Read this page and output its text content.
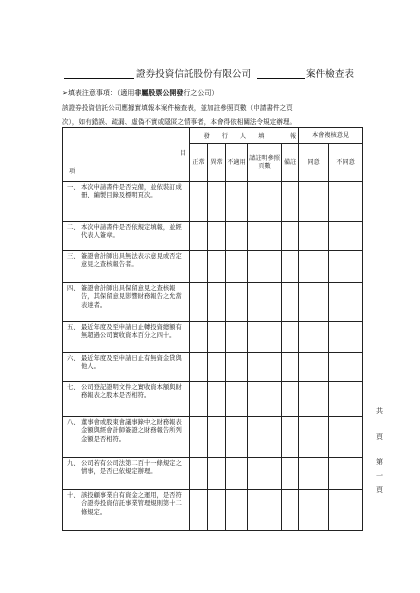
證券投資信託股份有限公司	案件檢查表
➢填表注意事項：（適用非屬股票公開發行之公司）

該證券投資信託公司應據實填報本案件檢查表，並加註參照頁數（申請書件之頁

次），如有錯誤、疏漏、虛偽不實或隱匿之情事者，本會得依相關法令規定辦理。

項
目	發行人填 報					本會複核意見	
	正常	異常	不適用	請註明參照頁數	備註	同意	不同意

一、 本次申請書件是否完備，並依裝訂成冊、編製目錄及標明頁次。							

二、 本次申請書件是否依規定填報，並經代表人簽章。							

三、 簽證會計師出具無法表示意見或否定意見之查核報告者。							

四、 簽證會計師出具保留意見之查核報告，其保留意見影響財務報告之允當表達者。							

五、 最近年度及至申請日止轉投資總額有無超過公司實收資本百分之四十。							

六、 最近年度及至申請日止有無資金貸與他人。							

七、 公司登記證明文件之實收資本額與財務報表之股本是否相符。							

八、 董事會或股東會議事錄中之財務報表金額與經會計師簽證之財務報告所列金額是否相符。							

九、 公司若有公司法第二百十一條規定之情事，是否已依規定辦理。							

十、 該投顧事業自有資金之運用，是否符合證券投資信託事業管理規則第十二條規定。							

共
頁
第
一
頁
